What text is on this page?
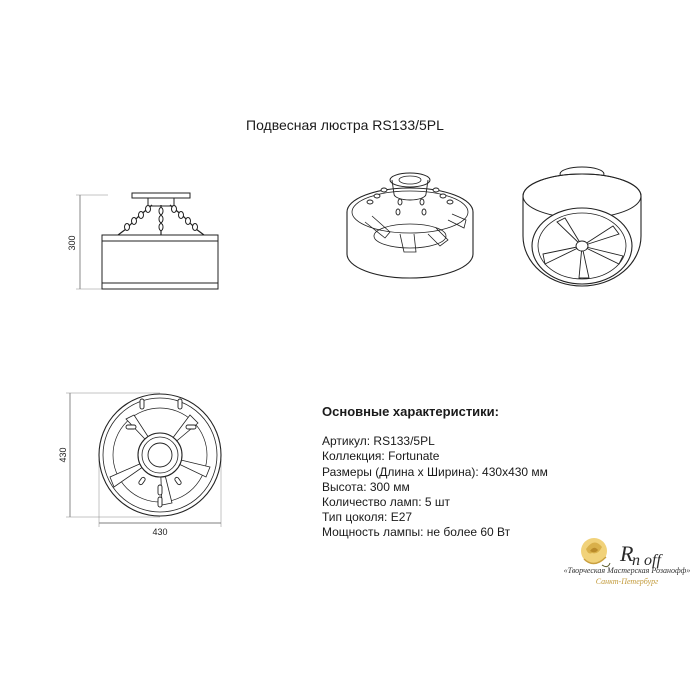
Подвесная люстра RS133/5PL
300
430
430
Основные характеристики:
Артикул: RS133/5PL
Коллекция: Fortunate
Размеры (Длина х Ширина): 430х430 мм
Высота: 300 мм
Количество ламп: 5 шт
Тип цоколя: E27
Мощность лампы: не более 60 Вт
R
n off
«Творческая Мастерская Розанофф»
Санкт-Петербург
